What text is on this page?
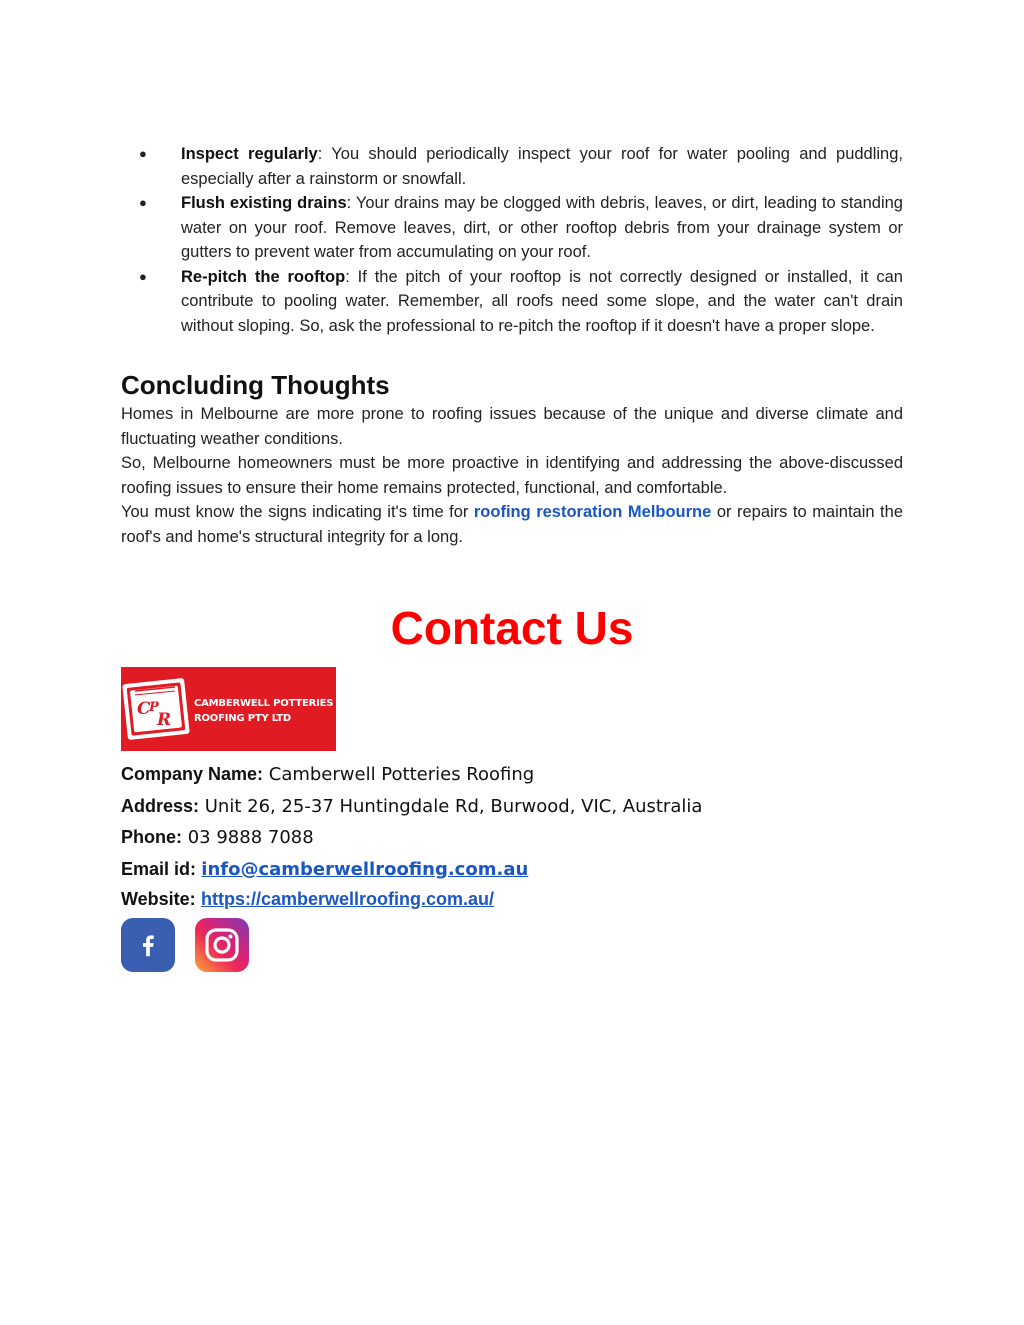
● Inspect regularly: You should periodically inspect your roof for water pooling and puddling, especially after a rainstorm or snowfall.
● Flush existing drains: Your drains may be clogged with debris, leaves, or dirt, leading to standing water on your roof. Remove leaves, dirt, or other rooftop debris from your drainage system or gutters to prevent water from accumulating on your roof.
● Re-pitch the rooftop: If the pitch of your rooftop is not correctly designed or installed, it can contribute to pooling water. Remember, all roofs need some slope, and the water can't drain without sloping. So, ask the professional to re-pitch the rooftop if it doesn't have a proper slope.
Concluding Thoughts

Homes in Melbourne are more prone to roofing issues because of the unique and diverse climate and fluctuating weather conditions.

So, Melbourne homeowners must be more proactive in identifying and addressing the above-discussed roofing issues to ensure their home remains protected, functional, and comfortable.

You must know the signs indicating it's time for roofing restoration Melbourne or repairs to maintain the roof's and home's structural integrity for a long.

Contact Us
C
P
R
CAMBERWELL POTTERIES
ROOFING PTY LTD
Company Name: Camberwell Potteries Roofing
Address: Unit 26, 25-37 Huntingdale Rd, Burwood, VIC, Australia
Phone: 03 9888 7088
Email id: info@camberwellroofing.com.au
Website: https://camberwellroofing.com.au/
